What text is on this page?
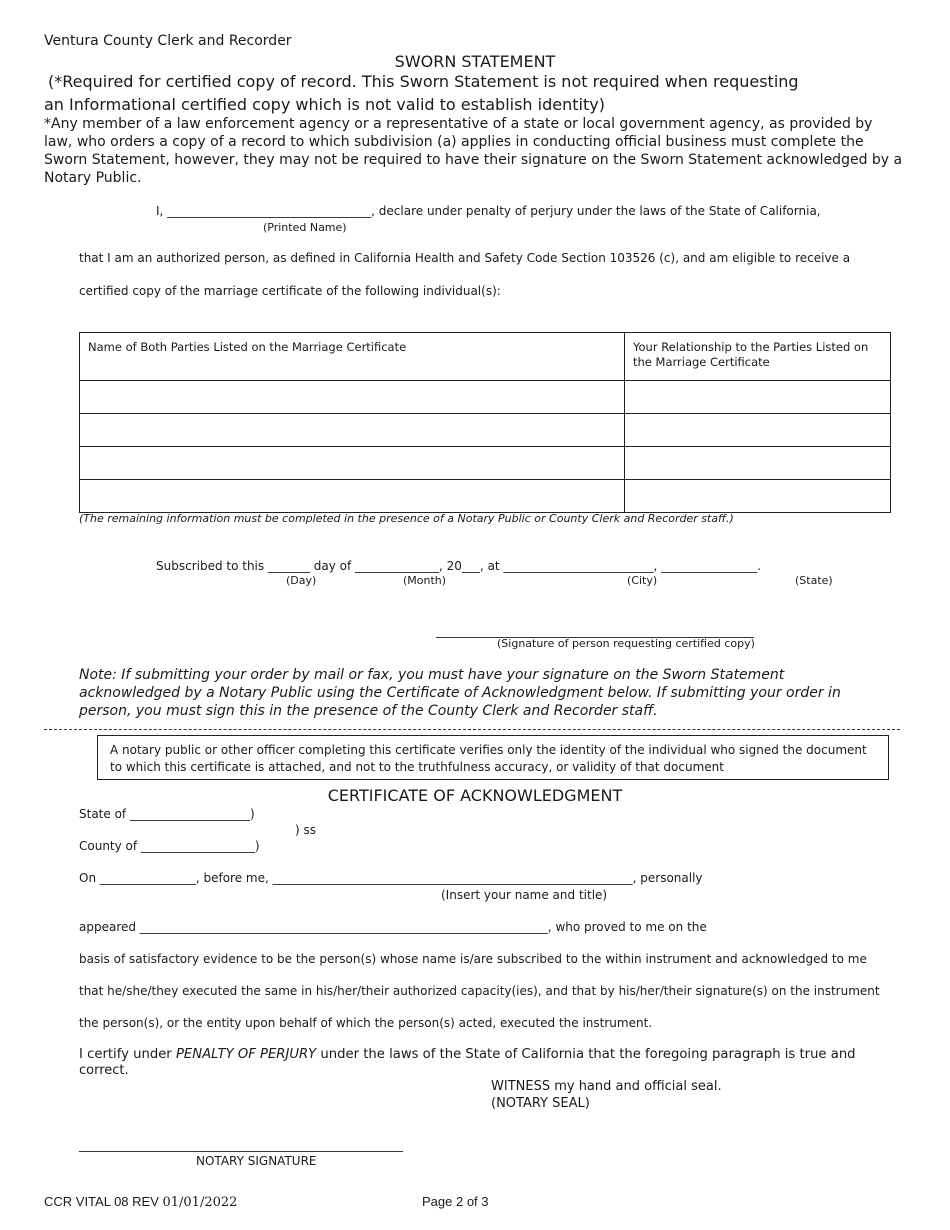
Ventura County Clerk and Recorder
SWORN STATEMENT
(*Required for certified copy of record. This Sworn Statement is not required when requesting
an Informational certified copy which is not valid to establish identity)
*Any member of a law enforcement agency or a representative of a state or local government agency, as provided by law, who orders a copy of a record to which subdivision (a) applies in conducting official business must complete the Sworn Statement, however, they may not be required to have their signature on the Sworn Statement acknowledged by a Notary Public.
I, __________________________________, declare under penalty of perjury under the laws of the State of California,
(Printed Name)
that I am an authorized person, as defined in California Health and Safety Code Section 103526 (c), and am eligible to receive a
certified copy of the marriage certificate of the following individual(s):
Name of Both Parties Listed on the Marriage Certificate	Your Relationship to the Parties Listed on the Marriage Certificate

(The remaining information must be completed in the presence of a Notary Public or County Clerk and Recorder staff.)
Subscribed to this _______ day of ______________, 20___, at _________________________, ________________.
(Day)	(Month)	(City)	(State)
_____________________________________________________
(Signature of person requesting certified copy)
Note: If submitting your order by mail or fax, you must have your signature on the Sworn Statement
acknowledged by a Notary Public using the Certificate of Acknowledgment below. If submitting your order in
person, you must sign this in the presence of the County Clerk and Recorder staff.
A notary public or other officer completing this certificate verifies only the identity of the individual who signed the document to which this certificate is attached, and not to the truthfulness accuracy, or validity of that document
CERTIFICATE OF ACKNOWLEDGMENT
State of ____________________)
) ss
County of ___________________)
On ________________, before me, ____________________________________________________________, personally
(Insert your name and title)
appeared ____________________________________________________________________, who proved to me on the
basis of satisfactory evidence to be the person(s) whose name is/are subscribed to the within instrument and acknowledged to me
that he/she/they executed the same in his/her/their authorized capacity(ies), and that by his/her/their signature(s) on the instrument
the person(s), or the entity upon behalf of which the person(s) acted, executed the instrument.
I certify under PENALTY OF PERJURY under the laws of the State of California that the foregoing paragraph is true and
correct.
WITNESS my hand and official seal.
(NOTARY SEAL)
______________________________________________________
NOTARY SIGNATURE
CCR VITAL 08 REV 01/01/2022	Page 2 of 3
